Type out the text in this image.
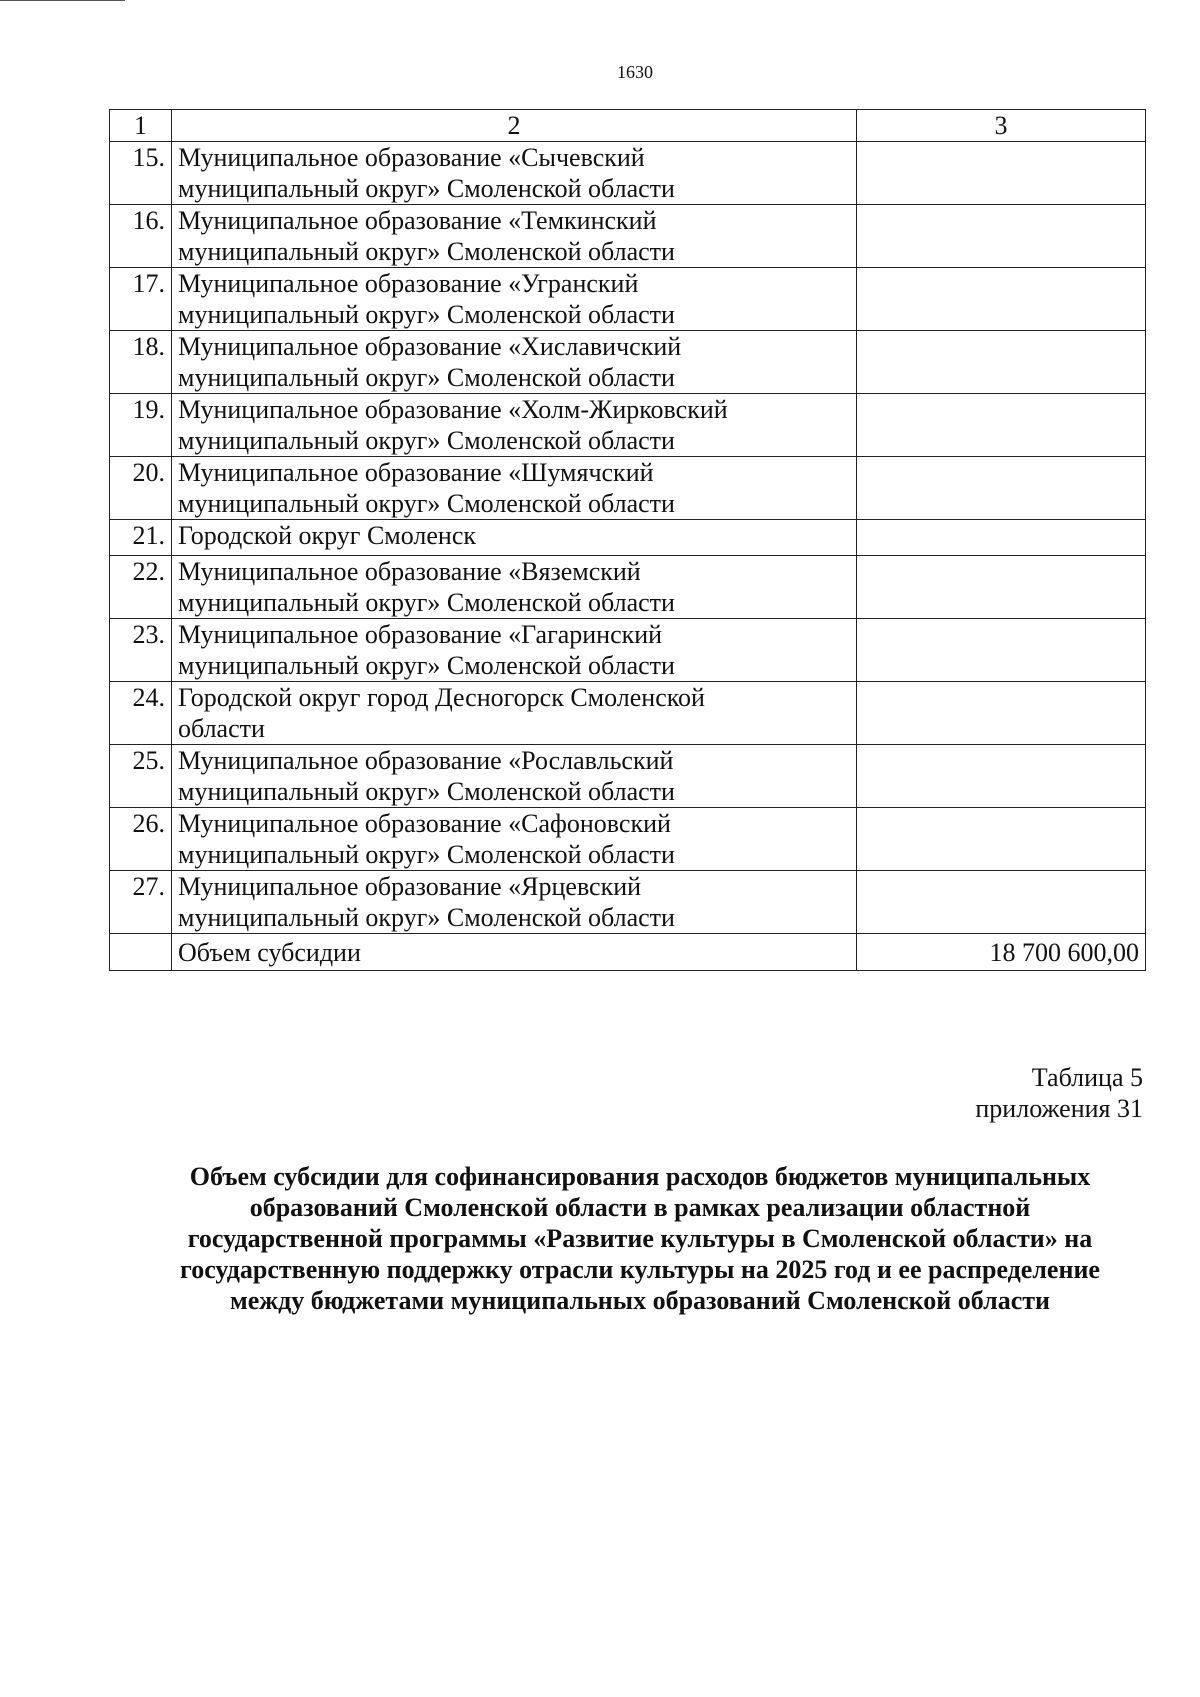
1630
1	2	3
15.	Муниципальное образование «Сычевский
муниципальный округ» Смоленской области	

16.	Муниципальное образование «Темкинский
муниципальный округ» Смоленской области	

17.	Муниципальное образование «Угранский
муниципальный округ» Смоленской области	

18.	Муниципальное образование «Хиславичский
муниципальный округ» Смоленской области	

19.	Муниципальное образование «Холм-Жирковский
муниципальный округ» Смоленской области	

20.	Муниципальное образование «Шумячский
муниципальный округ» Смоленской области	

21.	Городской округ Смоленск	

22.	Муниципальное образование «Вяземский
муниципальный округ» Смоленской области	

23.	Муниципальное образование «Гагаринский
муниципальный округ» Смоленской области	

24.	Городской округ город Десногорск Смоленской
области	

25.	Муниципальное образование «Рославльский
муниципальный округ» Смоленской области	

26.	Муниципальное образование «Сафоновский
муниципальный округ» Смоленской области	

27.	Муниципальное образование «Ярцевский
муниципальный округ» Смоленской области	

	Объем субсидии	18 700 600,00
Таблица 5
приложения 31
Объем субсидии для софинансирования расходов бюджетов муниципальных
образований Смоленской области в рамках реализации областной
государственной программы «Развитие культуры в Смоленской области» на
государственную поддержку отрасли культуры на 2025 год и ее распределение
между бюджетами муниципальных образований Смоленской области
